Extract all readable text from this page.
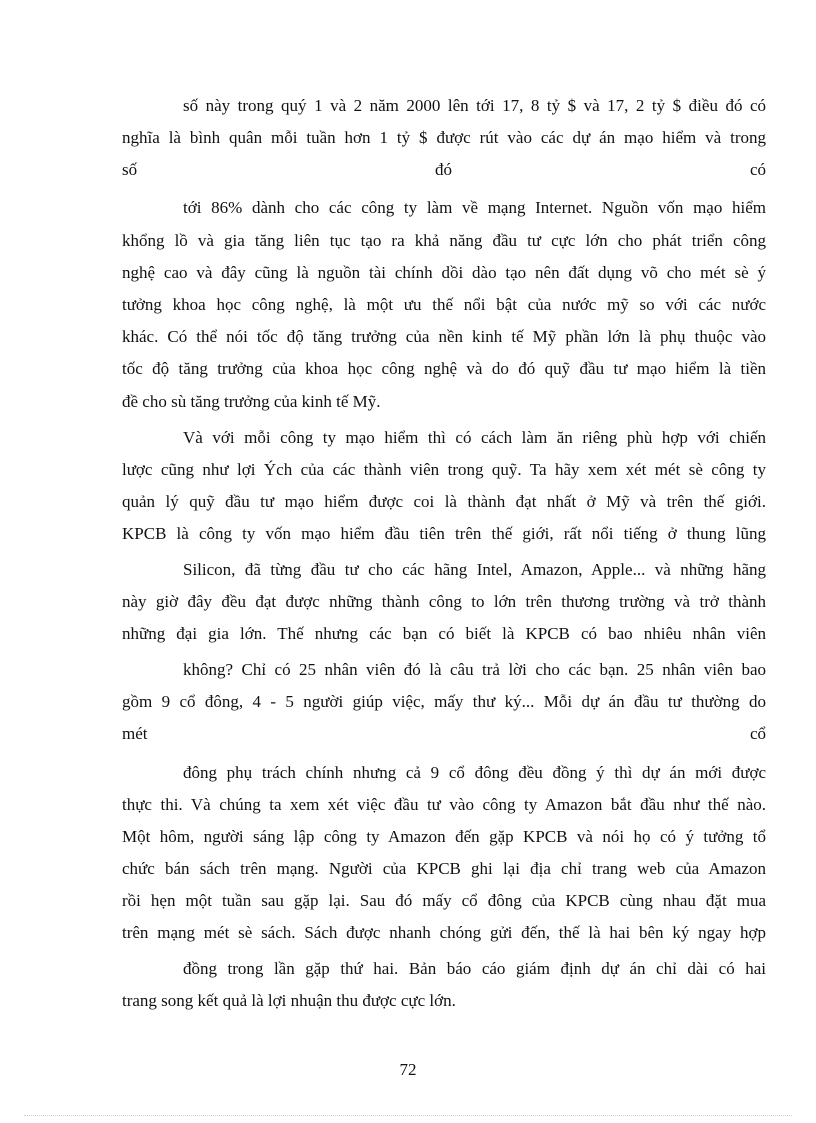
số này trong quý 1 và 2 năm 2000 lên tới 17, 8 tỷ $ và 17, 2 tỷ $ điều đó có
nghĩa là bình quân mỗi tuần hơn 1 tỷ $ được rút vào các dự án mạo hiểm và trong
số đó có
tới 86% dành cho các công ty làm về mạng Internet. Nguồn vốn mạo hiểm
khổng lồ và gia tăng liên tục tạo ra khả năng đầu tư cực lớn cho phát triển công
nghệ cao và đây cũng là nguồn tài chính dồi dào tạo nên đất dụng võ cho mét sè ý
tưởng khoa học công nghệ, là một ưu thế nổi bật của nước mỹ so với các nước
khác. Có thể nói tốc độ tăng trưởng của nền kinh tế Mỹ phần lớn là phụ thuộc vào
tốc độ tăng trưởng của khoa học công nghệ và do đó quỹ đầu tư mạo hiểm là tiền
đề cho sù tăng trưởng của kinh tế Mỹ.
Và với mỗi công ty mạo hiểm thì có cách làm ăn riêng phù hợp với chiến
lược cũng như lợi Ých của các thành viên trong quỹ. Ta hãy xem xét mét sè công ty
quản lý quỹ đầu tư mạo hiểm được coi là thành đạt nhất ở Mỹ và trên thế giới.
KPCB là công ty vốn mạo hiểm đầu tiên trên thế giới, rất nổi tiếng ở thung lũng
Silicon, đã từng đầu tư cho các hãng Intel, Amazon, Apple... và những hãng
này giờ đây đều đạt được những thành công to lớn trên thương trường và trở thành
những đại gia lớn. Thế nhưng các bạn có biết là KPCB có bao nhiêu nhân viên
không? Chỉ có 25 nhân viên đó là câu trả lời cho các bạn. 25 nhân viên bao
gồm 9 cổ đông, 4 - 5 người giúp việc, mấy thư ký... Mỗi dự án đầu tư thường do
mét cổ
đông phụ trách chính nhưng cả 9 cổ đông đều đồng ý thì dự án mới được
thực thi. Và chúng ta xem xét việc đầu tư vào công ty Amazon bắt đầu như thế nào.
Một hôm, người sáng lập công ty Amazon đến gặp KPCB và nói họ có ý tưởng tổ
chức bán sách trên mạng. Người của KPCB ghi lại địa chỉ trang web của Amazon
rồi hẹn một tuần sau gặp lại. Sau đó mấy cổ đông của KPCB cùng nhau đặt mua
trên mạng mét sè sách. Sách được nhanh chóng gửi đến, thế là hai bên ký ngay hợp
đồng trong lần gặp thứ hai. Bản báo cáo giám định dự án chỉ dài có hai
trang song kết quả là lợi nhuận thu được cực lớn.
72
